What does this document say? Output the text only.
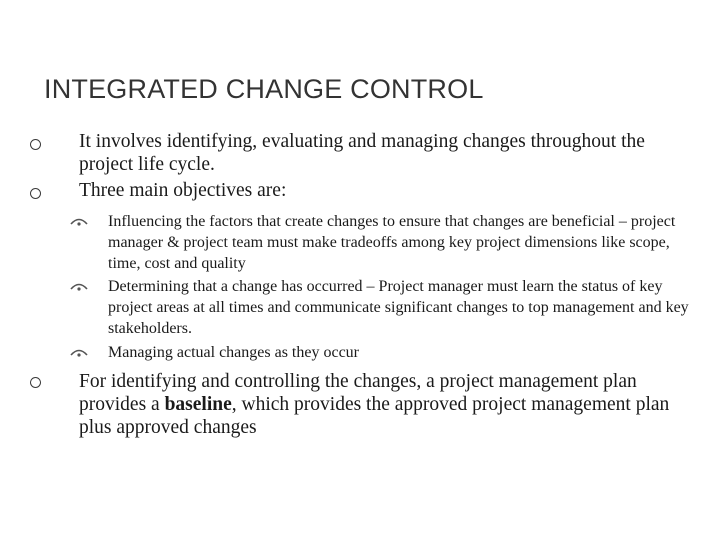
INTEGRATED CHANGE CONTROL
It involves identifying, evaluating and managing changes throughout the project life cycle.
Three main objectives are:
Influencing the factors that create changes to ensure that changes are beneficial – project manager & project team must make tradeoffs among key project dimensions like scope, time, cost and quality
Determining that a change has occurred – Project manager must learn the status of key project areas at all times and communicate significant changes to top management and key stakeholders.
Managing actual changes as they occur
For identifying and controlling the changes, a project management plan provides a baseline, which provides the approved project management plan plus approved changes
